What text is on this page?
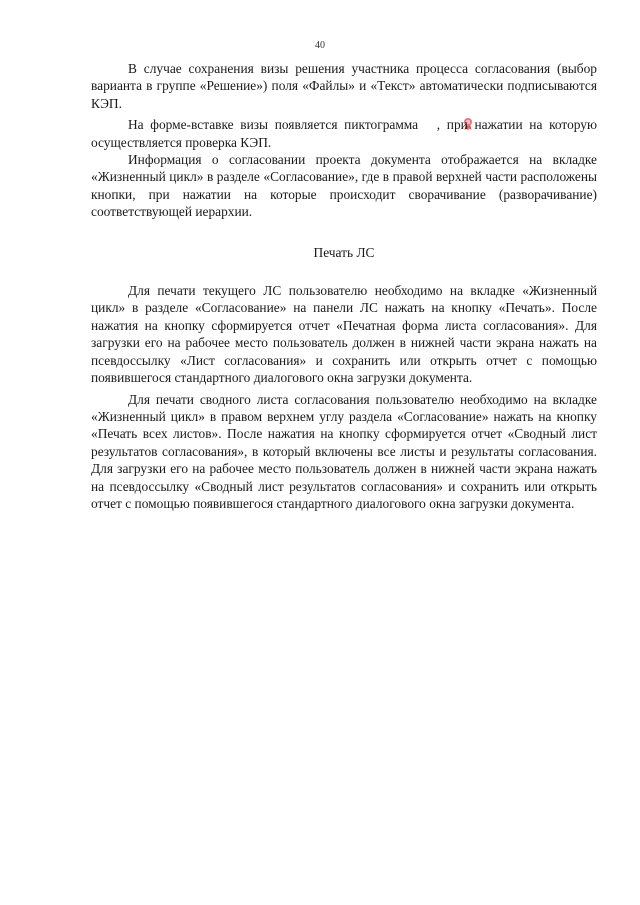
40

В случае сохранения визы решения участника процесса согласования (выбор варианта в группе «Решение») поля «Файлы» и «Текст» автоматически подписываются КЭП.

На форме-вставке визы появляется пиктограмма , при нажатии на которую осуществляется проверка КЭП.

Информация о согласовании проекта документа отображается на вкладке «Жизненный цикл» в разделе «Согласование», где в правой верхней части расположены кнопки, при нажатии на которые происходит сворачивание (разворачивание) соответствующей иерархии.

Печать ЛС

Для печати текущего ЛС пользователю необходимо на вкладке «Жизненный цикл» в разделе «Согласование» на панели ЛС нажать на кнопку «Печать». После нажатия на кнопку сформируется отчет «Печатная форма листа согласования». Для загрузки его на рабочее место пользователь должен в нижней части экрана нажать на псевдоссылку «Лист согласования» и сохранить или открыть отчет с помощью появившегося стандартного диалогового окна загрузки документа.

Для печати сводного листа согласования пользователю необходимо на вкладке «Жизненный цикл» в правом верхнем углу раздела «Согласование» нажать на кнопку «Печать всех листов». После нажатия на кнопку сформируется отчет «Сводный лист результатов согласования», в который включены все листы и результаты согласования. Для загрузки его на рабочее место пользователь должен в нижней части экрана нажать на псевдоссылку «Сводный лист результатов согласования» и сохранить или открыть отчет с помощью появившегося стандартного диалогового окна загрузки документа.
